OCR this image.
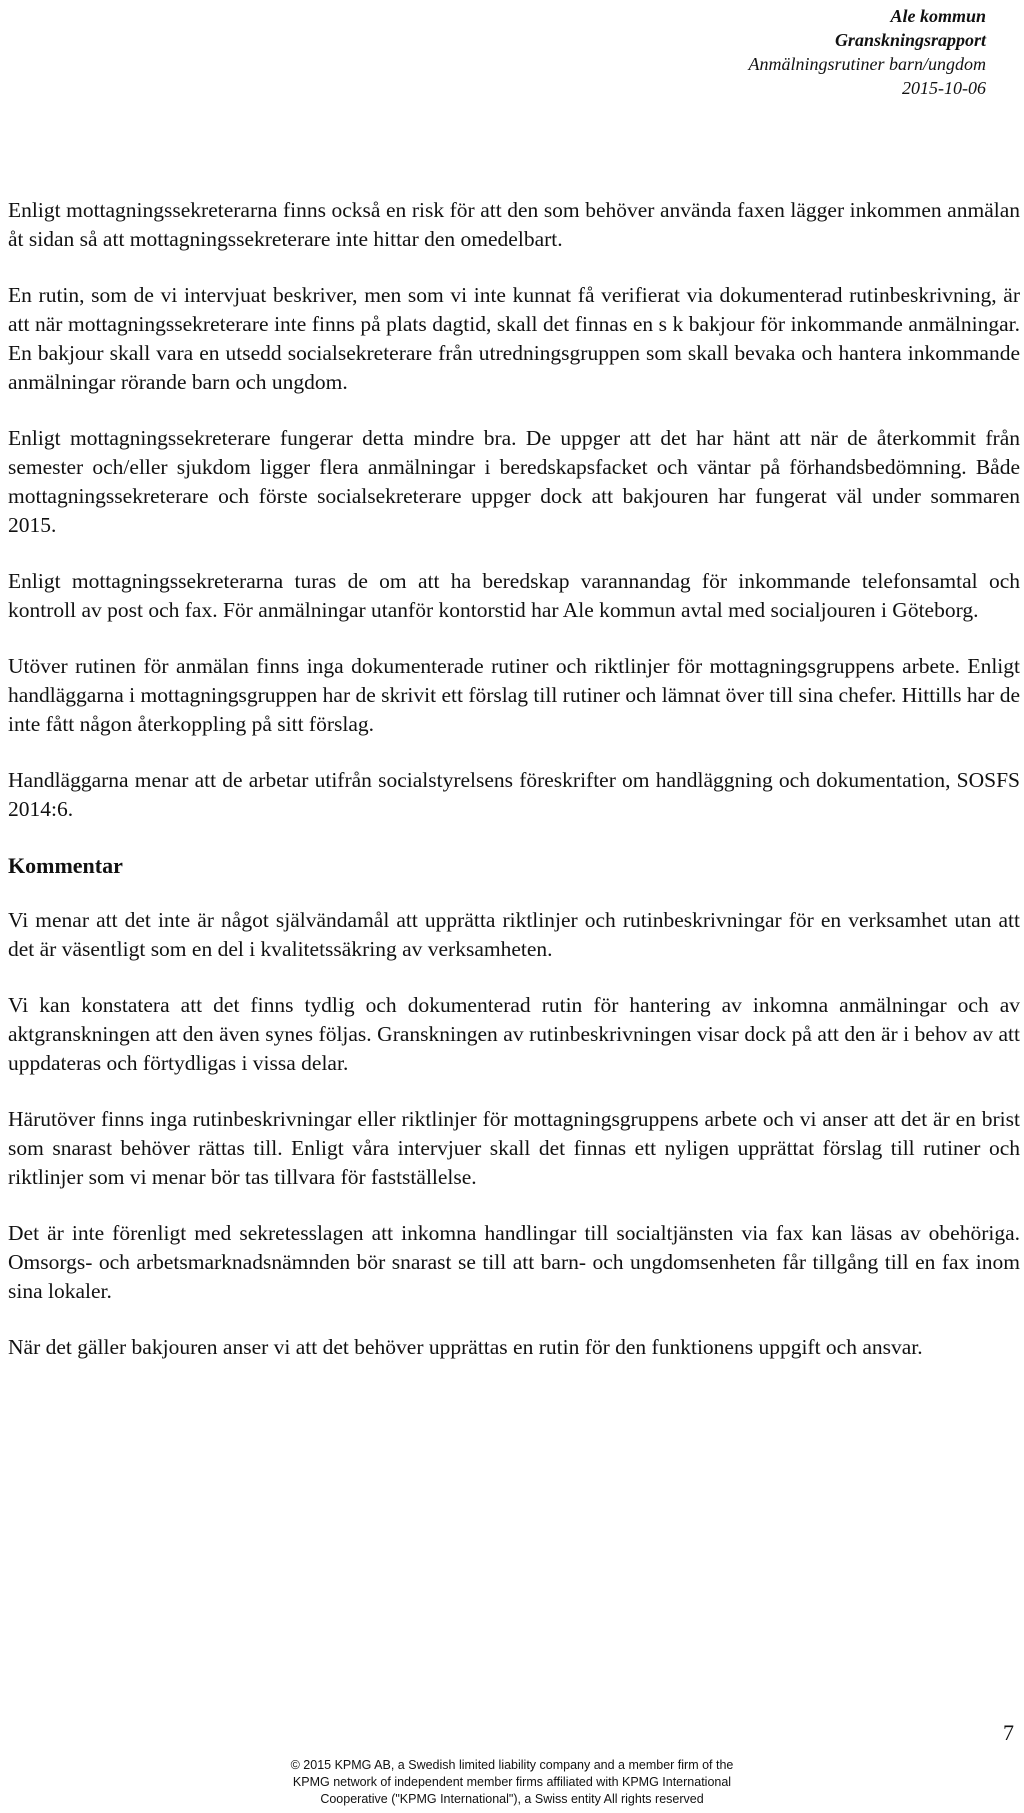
Ale kommun
Granskningsrapport
Anmälningsrutiner barn/ungdom
2015-10-06

Enligt mottagningssekreterarna finns också en risk för att den som behöver använda faxen lägger inkommen anmälan åt sidan så att mottagningssekreterare inte hittar den omedelbart.

En rutin, som de vi intervjuat beskriver, men som vi inte kunnat få verifierat via dokumenterad rutinbeskrivning, är att när mottagningssekreterare inte finns på plats dagtid, skall det finnas en s k bakjour för inkommande anmälningar. En bakjour skall vara en utsedd socialsekreterare från utredningsgruppen som skall bevaka och hantera inkommande anmälningar rörande barn och ungdom.

Enligt mottagningssekreterare fungerar detta mindre bra. De uppger att det har hänt att när de återkommit från semester och/eller sjukdom ligger flera anmälningar i beredskapsfacket och väntar på förhandsbedömning. Både mottagningssekreterare och förste socialsekreterare uppger dock att bakjouren har fungerat väl under sommaren 2015.

Enligt mottagningssekreterarna turas de om att ha beredskap varannandag för inkommande telefonsamtal och kontroll av post och fax. För anmälningar utanför kontorstid har Ale kommun avtal med socialjouren i Göteborg.

Utöver rutinen för anmälan finns inga dokumenterade rutiner och riktlinjer för mottagningsgruppens arbete. Enligt handläggarna i mottagningsgruppen har de skrivit ett förslag till rutiner och lämnat över till sina chefer. Hittills har de inte fått någon återkoppling på sitt förslag.

Handläggarna menar att de arbetar utifrån socialstyrelsens föreskrifter om handläggning och dokumentation, SOSFS 2014:6.

Kommentar

Vi menar att det inte är något självändamål att upprätta riktlinjer och rutinbeskrivningar för en verksamhet utan att det är väsentligt som en del i kvalitetssäkring av verksamheten.

Vi kan konstatera att det finns tydlig och dokumenterad rutin för hantering av inkomna anmälningar och av aktgranskningen att den även synes följas. Granskningen av rutinbeskrivningen visar dock på att den är i behov av att uppdateras och förtydligas i vissa delar.

Härutöver finns inga rutinbeskrivningar eller riktlinjer för mottagningsgruppens arbete och vi anser att det är en brist som snarast behöver rättas till. Enligt våra intervjuer skall det finnas ett nyligen upprättat förslag till rutiner och riktlinjer som vi menar bör tas tillvara för fastställelse.

Det är inte förenligt med sekretesslagen att inkomna handlingar till socialtjänsten via fax kan läsas av obehöriga. Omsorgs- och arbetsmarknadsnämnden bör snarast se till att barn- och ungdomsenheten får tillgång till en fax inom sina lokaler.

När det gäller bakjouren anser vi att det behöver upprättas en rutin för den funktionens uppgift och ansvar.

7
© 2015 KPMG AB, a Swedish limited liability company and a member firm of the
KPMG network of independent member firms affiliated with KPMG International
Cooperative ("KPMG International"), a Swiss entity All rights reserved
